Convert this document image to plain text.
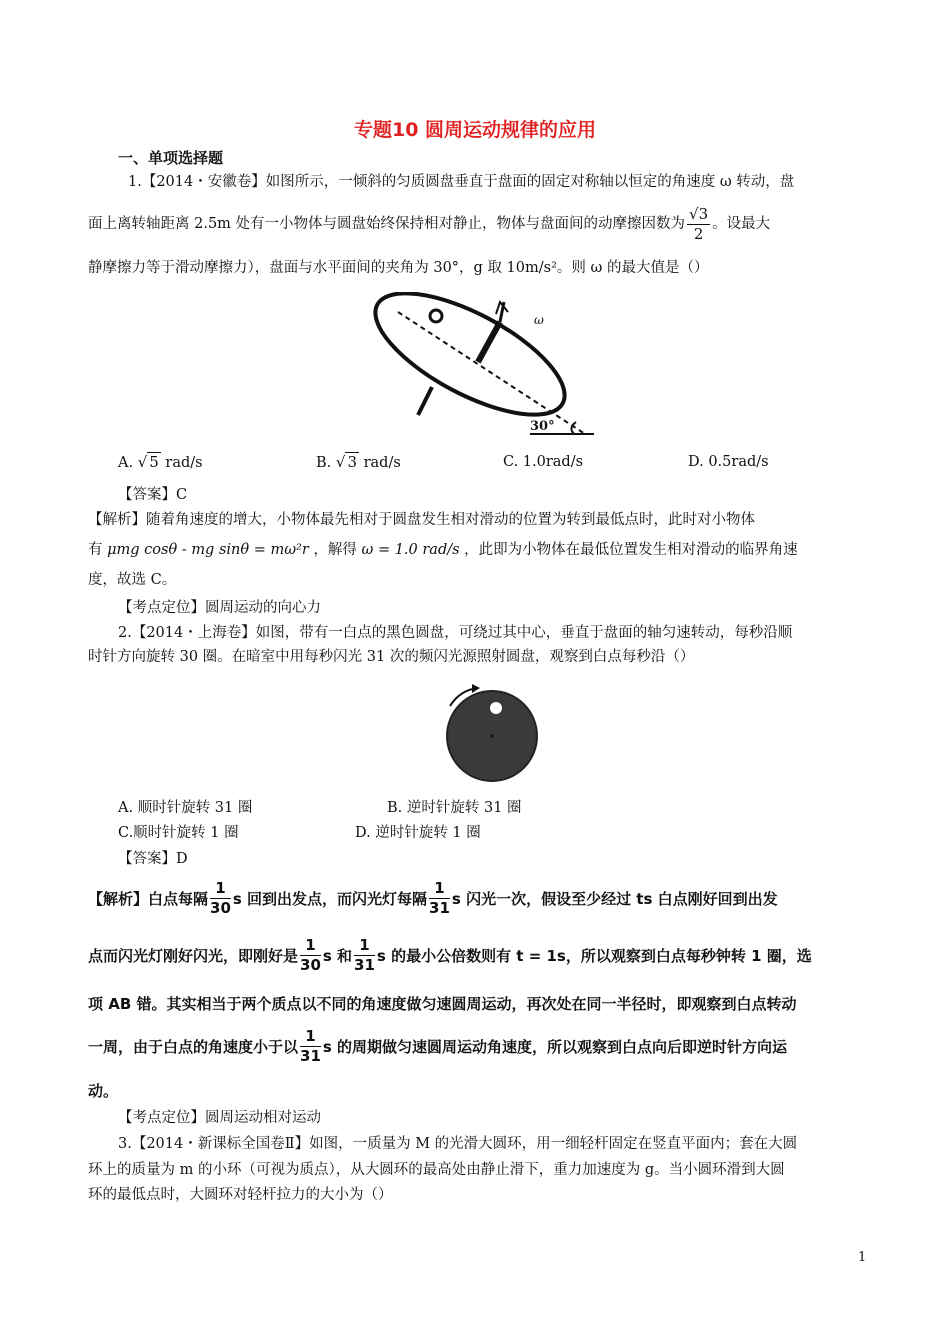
专题10 圆周运动规律的应用
一、单项选择题
1.【2014・安徽卷】如图所示，一倾斜的匀质圆盘垂直于盘面的固定对称轴以恒定的角速度 ω 转动，盘
面上离转轴距离 2.5m 处有一小物体与圆盘始终保持相对静止，物体与盘面间的动摩擦因数为 $\frac{√3}{2}$ 。设最大
静摩擦力等于滑动摩擦力），盘面与水平面间的夹角为 30°，g 取 10m/s²。则 ω 的最大值是（）
ω
30°
A. √ 5 rad/s	B. √ 3 rad/s	C. 1.0rad/s	D. 0.5rad/s
【答案】C
【解析】随着角速度的增大，小物体最先相对于圆盘发生相对滑动的位置为转到最低点时，此时对小物体
有 μmg cosθ - mg sinθ = mω²r ，解得 ω = 1.0 rad/s ，此即为小物体在最低位置发生相对滑动的临界角速
度，故选 C。
【考点定位】圆周运动的向心力
2.【2014・上海卷】如图，带有一白点的黑色圆盘，可绕过其中心，垂直于盘面的轴匀速转动，每秒沿顺
时针方向旋转 30 圈。在暗室中用每秒闪光 31 次的频闪光源照射圆盘，观察到白点每秒沿（）
A. 顺时针旋转 31 圈	B. 逆时针旋转 31 圈
C.顺时针旋转 1 圈	D. 逆时针旋转 1 圈
【答案】D
【解析】白点每隔 $\frac{1}{30}$ s 回到出发点，而闪光灯每隔 $\frac{1}{31}$ s 闪光一次，假设至少经过 ts 白点刚好回到出发
点而闪光灯刚好闪光，即刚好是 $\frac{1}{30}$ s 和 $\frac{1}{31}$ s 的最小公倍数则有 t = 1s，所以观察到白点每秒钟转 1 圈，选
项 AB 错。其实相当于两个质点以不同的角速度做匀速圆周运动，再次处在同一半径时，即观察到白点转动
一周，由于白点的角速度小于以 $\frac{1}{31}$ s 的周期做匀速圆周运动角速度，所以观察到白点向后即逆时针方向运
动。
【考点定位】圆周运动相对运动
3.【2014・新课标全国卷Ⅱ】如图，一质量为 M 的光滑大圆环，用一细轻杆固定在竖直平面内；套在大圆
环上的质量为 m 的小环（可视为质点），从大圆环的最高处由静止滑下，重力加速度为 g。当小圆环滑到大圆
环的最低点时，大圆环对轻杆拉力的大小为（）
1
